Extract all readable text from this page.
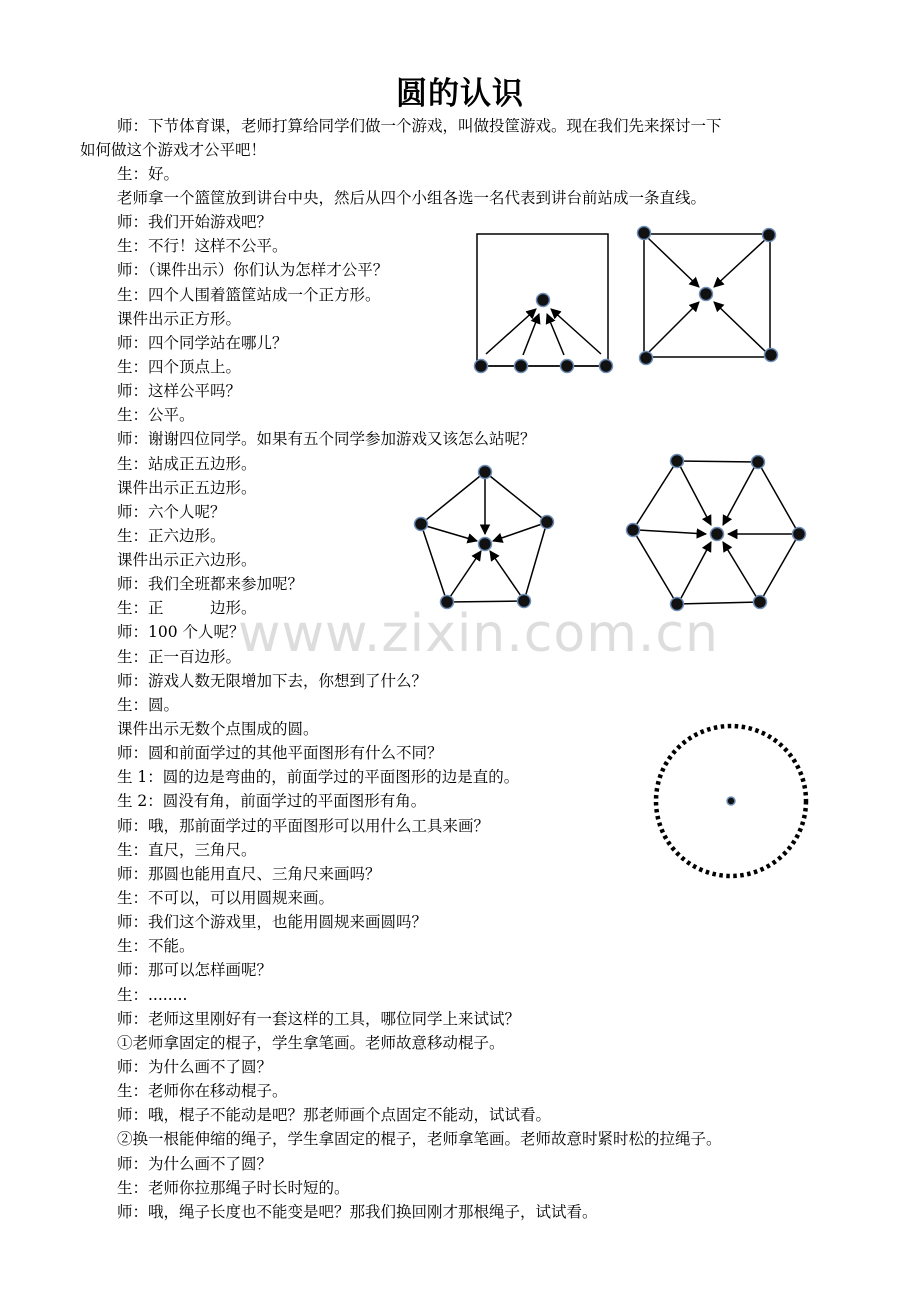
圆的认识
师：下节体育课，老师打算给同学们做一个游戏，叫做投筐游戏。现在我们先来探讨一下
如何做这个游戏才公平吧！
生：好。
老师拿一个篮筐放到讲台中央，然后从四个小组各选一名代表到讲台前站成一条直线。
师：我们开始游戏吧？
生：不行！这样不公平。
师：（课件出示）你们认为怎样才公平？
生：四个人围着篮筐站成一个正方形。
课件出示正方形。
师：四个同学站在哪儿？
生：四个顶点上。
师：这样公平吗？
生：公平。
师：谢谢四位同学。如果有五个同学参加游戏又该怎么站呢？
生：站成正五边形。
课件出示正五边形。
师：六个人呢？
生：正六边形。
课件出示正六边形。
师：我们全班都来参加呢？
生：正　　　边形。
师：100 个人呢？
生：正一百边形。
师：游戏人数无限增加下去，你想到了什么？
生：圆。
课件出示无数个点围成的圆。
师：圆和前面学过的其他平面图形有什么不同？
生 1：圆的边是弯曲的，前面学过的平面图形的边是直的。
生 2：圆没有角，前面学过的平面图形有角。
师：哦，那前面学过的平面图形可以用什么工具来画？
生：直尺，三角尺。
师：那圆也能用直尺、三角尺来画吗？
生：不可以，可以用圆规来画。
师：我们这个游戏里，也能用圆规来画圆吗？
生：不能。
师：那可以怎样画呢？
生：........
师：老师这里刚好有一套这样的工具，哪位同学上来试试？
①老师拿固定的棍子，学生拿笔画。老师故意移动棍子。
师：为什么画不了圆？
生：老师你在移动棍子。
师：哦，棍子不能动是吧？那老师画个点固定不能动，试试看。
②换一根能伸缩的绳子，学生拿固定的棍子，老师拿笔画。老师故意时紧时松的拉绳子。
师：为什么画不了圆？
生：老师你拉那绳子时长时短的。
师：哦，绳子长度也不能变是吧？那我们换回刚才那根绳子，试试看。
www.zixin.com.cn
